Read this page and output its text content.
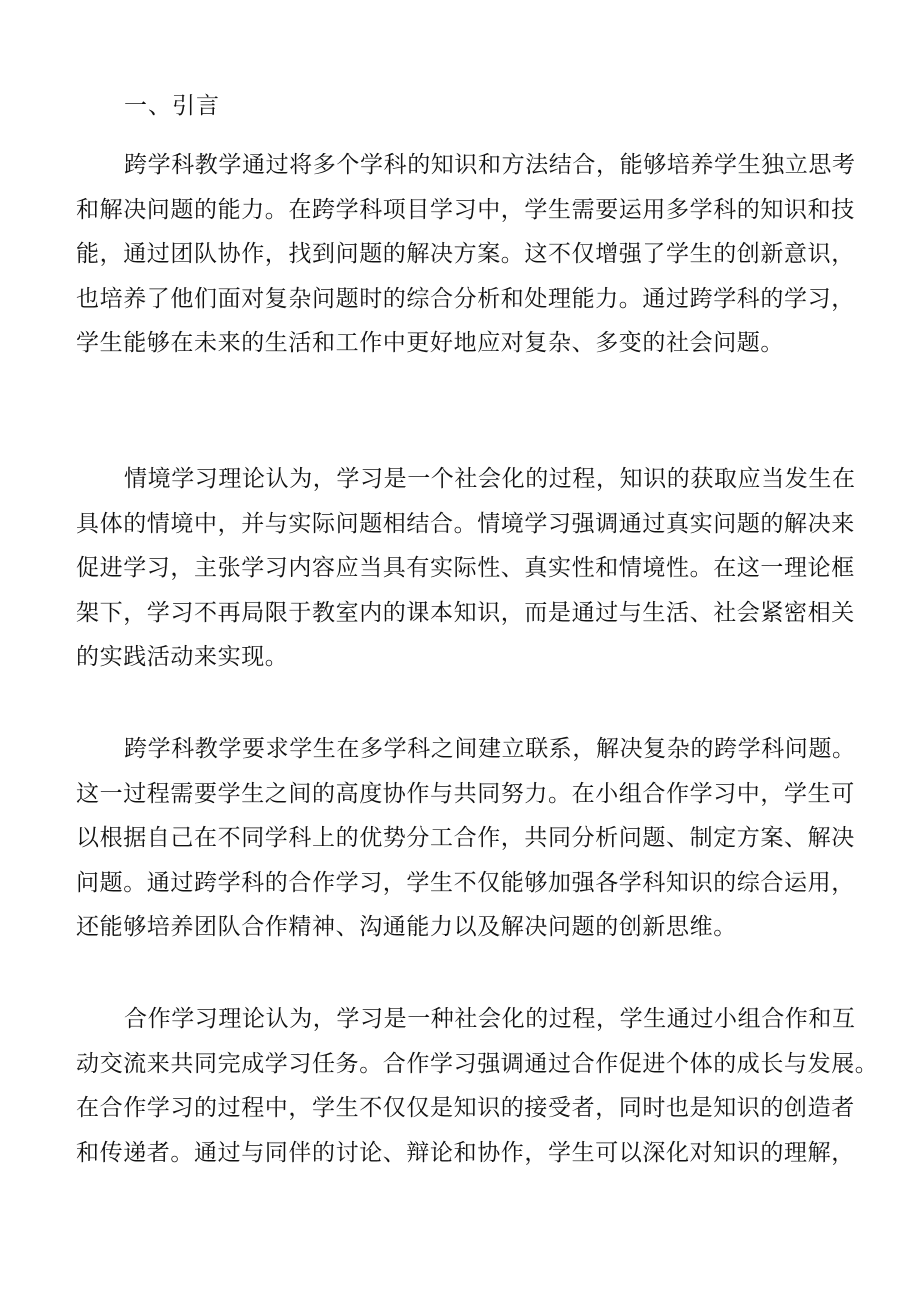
一、引言
跨学科教学通过将多个学科的知识和方法结合，能够培养学生独立思考
和解决问题的能力。在跨学科项目学习中，学生需要运用多学科的知识和技
能，通过团队协作，找到问题的解决方案。这不仅增强了学生的创新意识，
也培养了他们面对复杂问题时的综合分析和处理能力。通过跨学科的学习，
学生能够在未来的生活和工作中更好地应对复杂、多变的社会问题。
情境学习理论认为，学习是一个社会化的过程，知识的获取应当发生在
具体的情境中，并与实际问题相结合。情境学习强调通过真实问题的解决来
促进学习，主张学习内容应当具有实际性、真实性和情境性。在这一理论框
架下，学习不再局限于教室内的课本知识，而是通过与生活、社会紧密相关
的实践活动来实现。
跨学科教学要求学生在多学科之间建立联系，解决复杂的跨学科问题。
这一过程需要学生之间的高度协作与共同努力。在小组合作学习中，学生可
以根据自己在不同学科上的优势分工合作，共同分析问题、制定方案、解决
问题。通过跨学科的合作学习，学生不仅能够加强各学科知识的综合运用，
还能够培养团队合作精神、沟通能力以及解决问题的创新思维。
合作学习理论认为，学习是一种社会化的过程，学生通过小组合作和互
动交流来共同完成学习任务。合作学习强调通过合作促进个体的成长与发展。
在合作学习的过程中，学生不仅仅是知识的接受者，同时也是知识的创造者
和传递者。通过与同伴的讨论、辩论和协作，学生可以深化对知识的理解，
